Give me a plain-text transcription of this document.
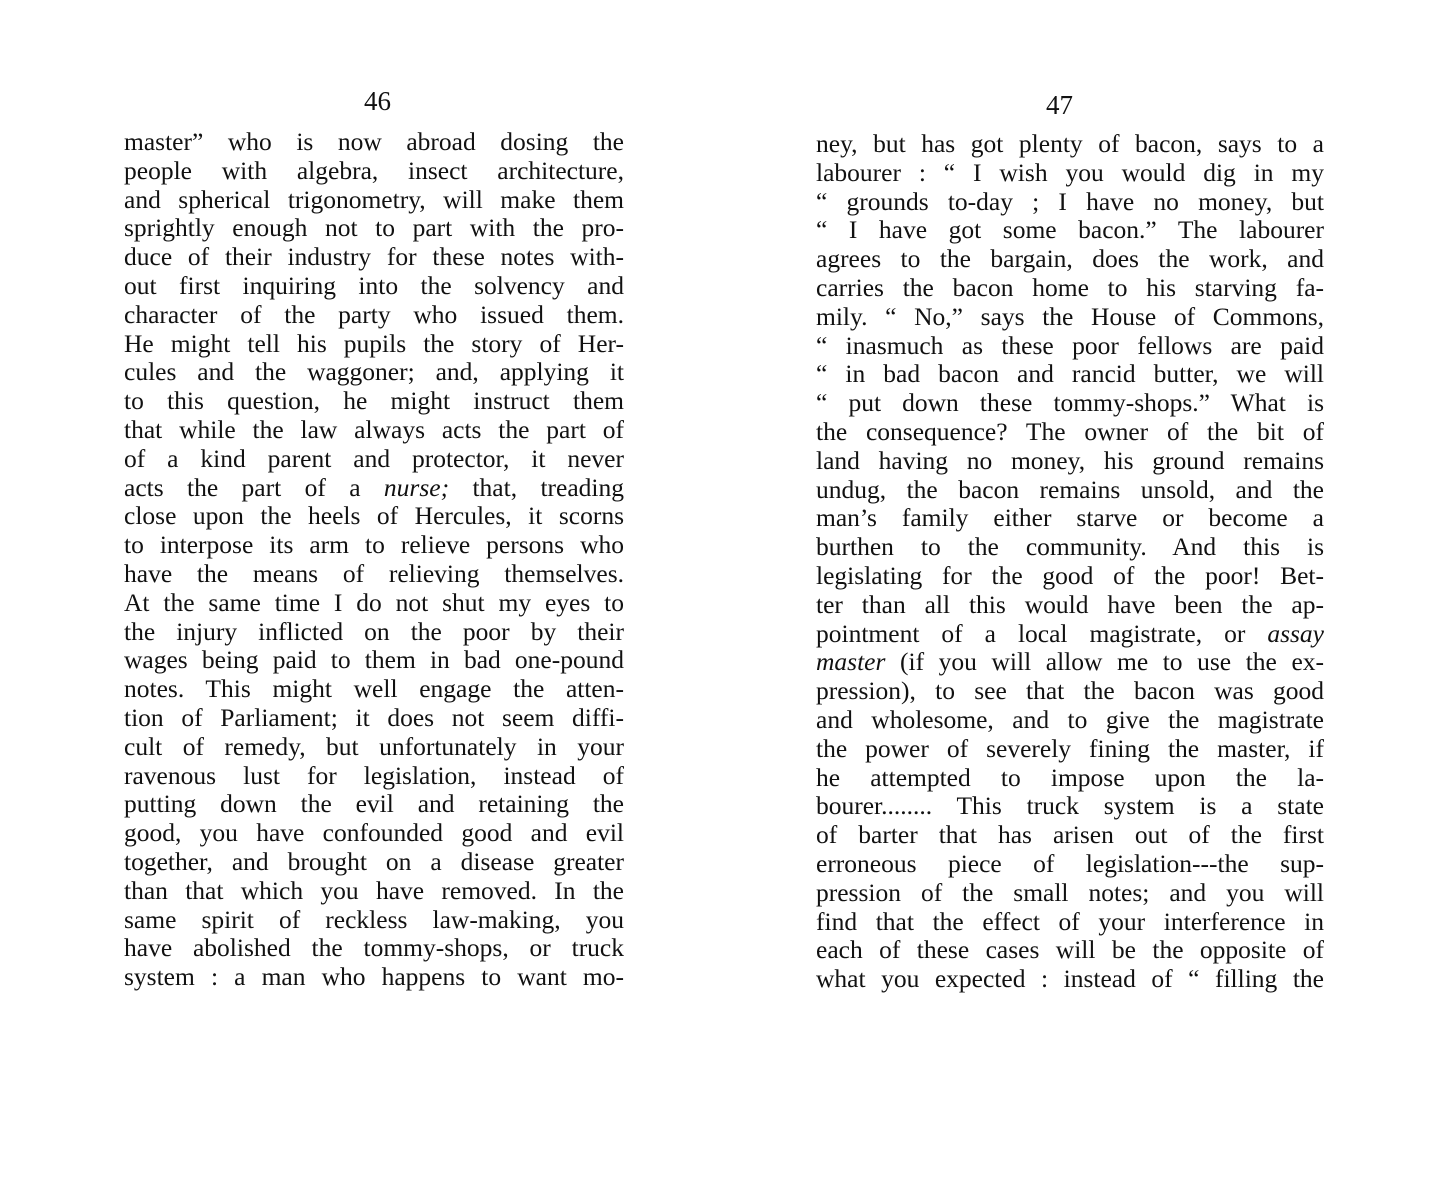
46
master” who is now abroad dosing the
people with algebra, insect architecture,
and spherical trigonometry, will make them
sprightly enough not to part with the pro-
duce of their industry for these notes with-
out first inquiring into the solvency and
character of the party who issued them.
He might tell his pupils the story of Her-
cules and the waggoner; and, applying it
to this question, he might instruct them
that while the law always acts the part of
of a kind parent and protector, it never
acts the part of a nurse; that, treading
close upon the heels of Hercules, it scorns
to interpose its arm to relieve persons who
have the means of relieving themselves.
At the same time I do not shut my eyes to
the injury inflicted on the poor by their
wages being paid to them in bad one-pound
notes. This might well engage the atten-
tion of Parliament; it does not seem diffi-
cult of remedy, but unfortunately in your
ravenous lust for legislation, instead of
putting down the evil and retaining the
good, you have confounded good and evil
together, and brought on a disease greater
than that which you have removed. In the
same spirit of reckless law-making, you
have abolished the tommy-shops, or truck
system : a man who happens to want mo-
47
ney, but has got plenty of bacon, says to a
labourer : “ I wish you would dig in my
“ grounds to-day ; I have no money, but
“ I have got some bacon.” The labourer
agrees to the bargain, does the work, and
carries the bacon home to his starving fa-
mily. “ No,” says the House of Commons,
“ inasmuch as these poor fellows are paid
“ in bad bacon and rancid butter, we will
“ put down these tommy-shops.” What is
the consequence? The owner of the bit of
land having no money, his ground remains
undug, the bacon remains unsold, and the
man’s family either starve or become a
burthen to the community. And this is
legislating for the good of the poor! Bet-
ter than all this would have been the ap-
pointment of a local magistrate, or assay
master (if you will allow me to use the ex-
pression), to see that the bacon was good
and wholesome, and to give the magistrate
the power of severely fining the master, if
he attempted to impose upon the la-
bourer........ This truck system is a state
of barter that has arisen out of the first
erroneous piece of legislation---the sup-
pression of the small notes; and you will
find that the effect of your interference in
each of these cases will be the opposite of
what you expected : instead of “ filling the
